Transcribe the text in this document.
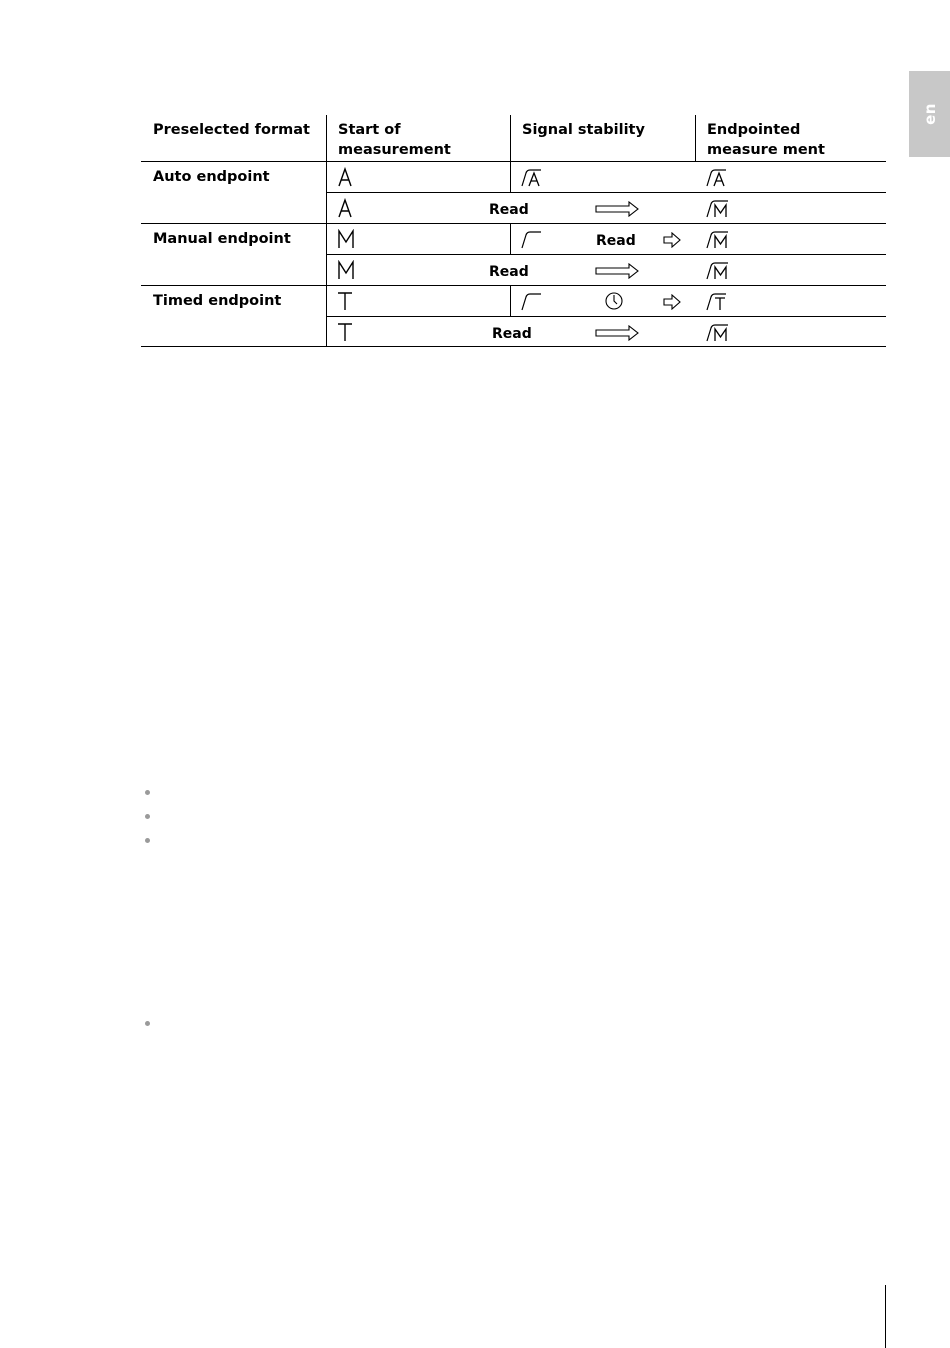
en
Preselected format	Start of measurement
Signal stability	Endpointed measure ment
Auto endpoint
Manual endpoint
Timed endpoint
Read
Read
Read
Read
